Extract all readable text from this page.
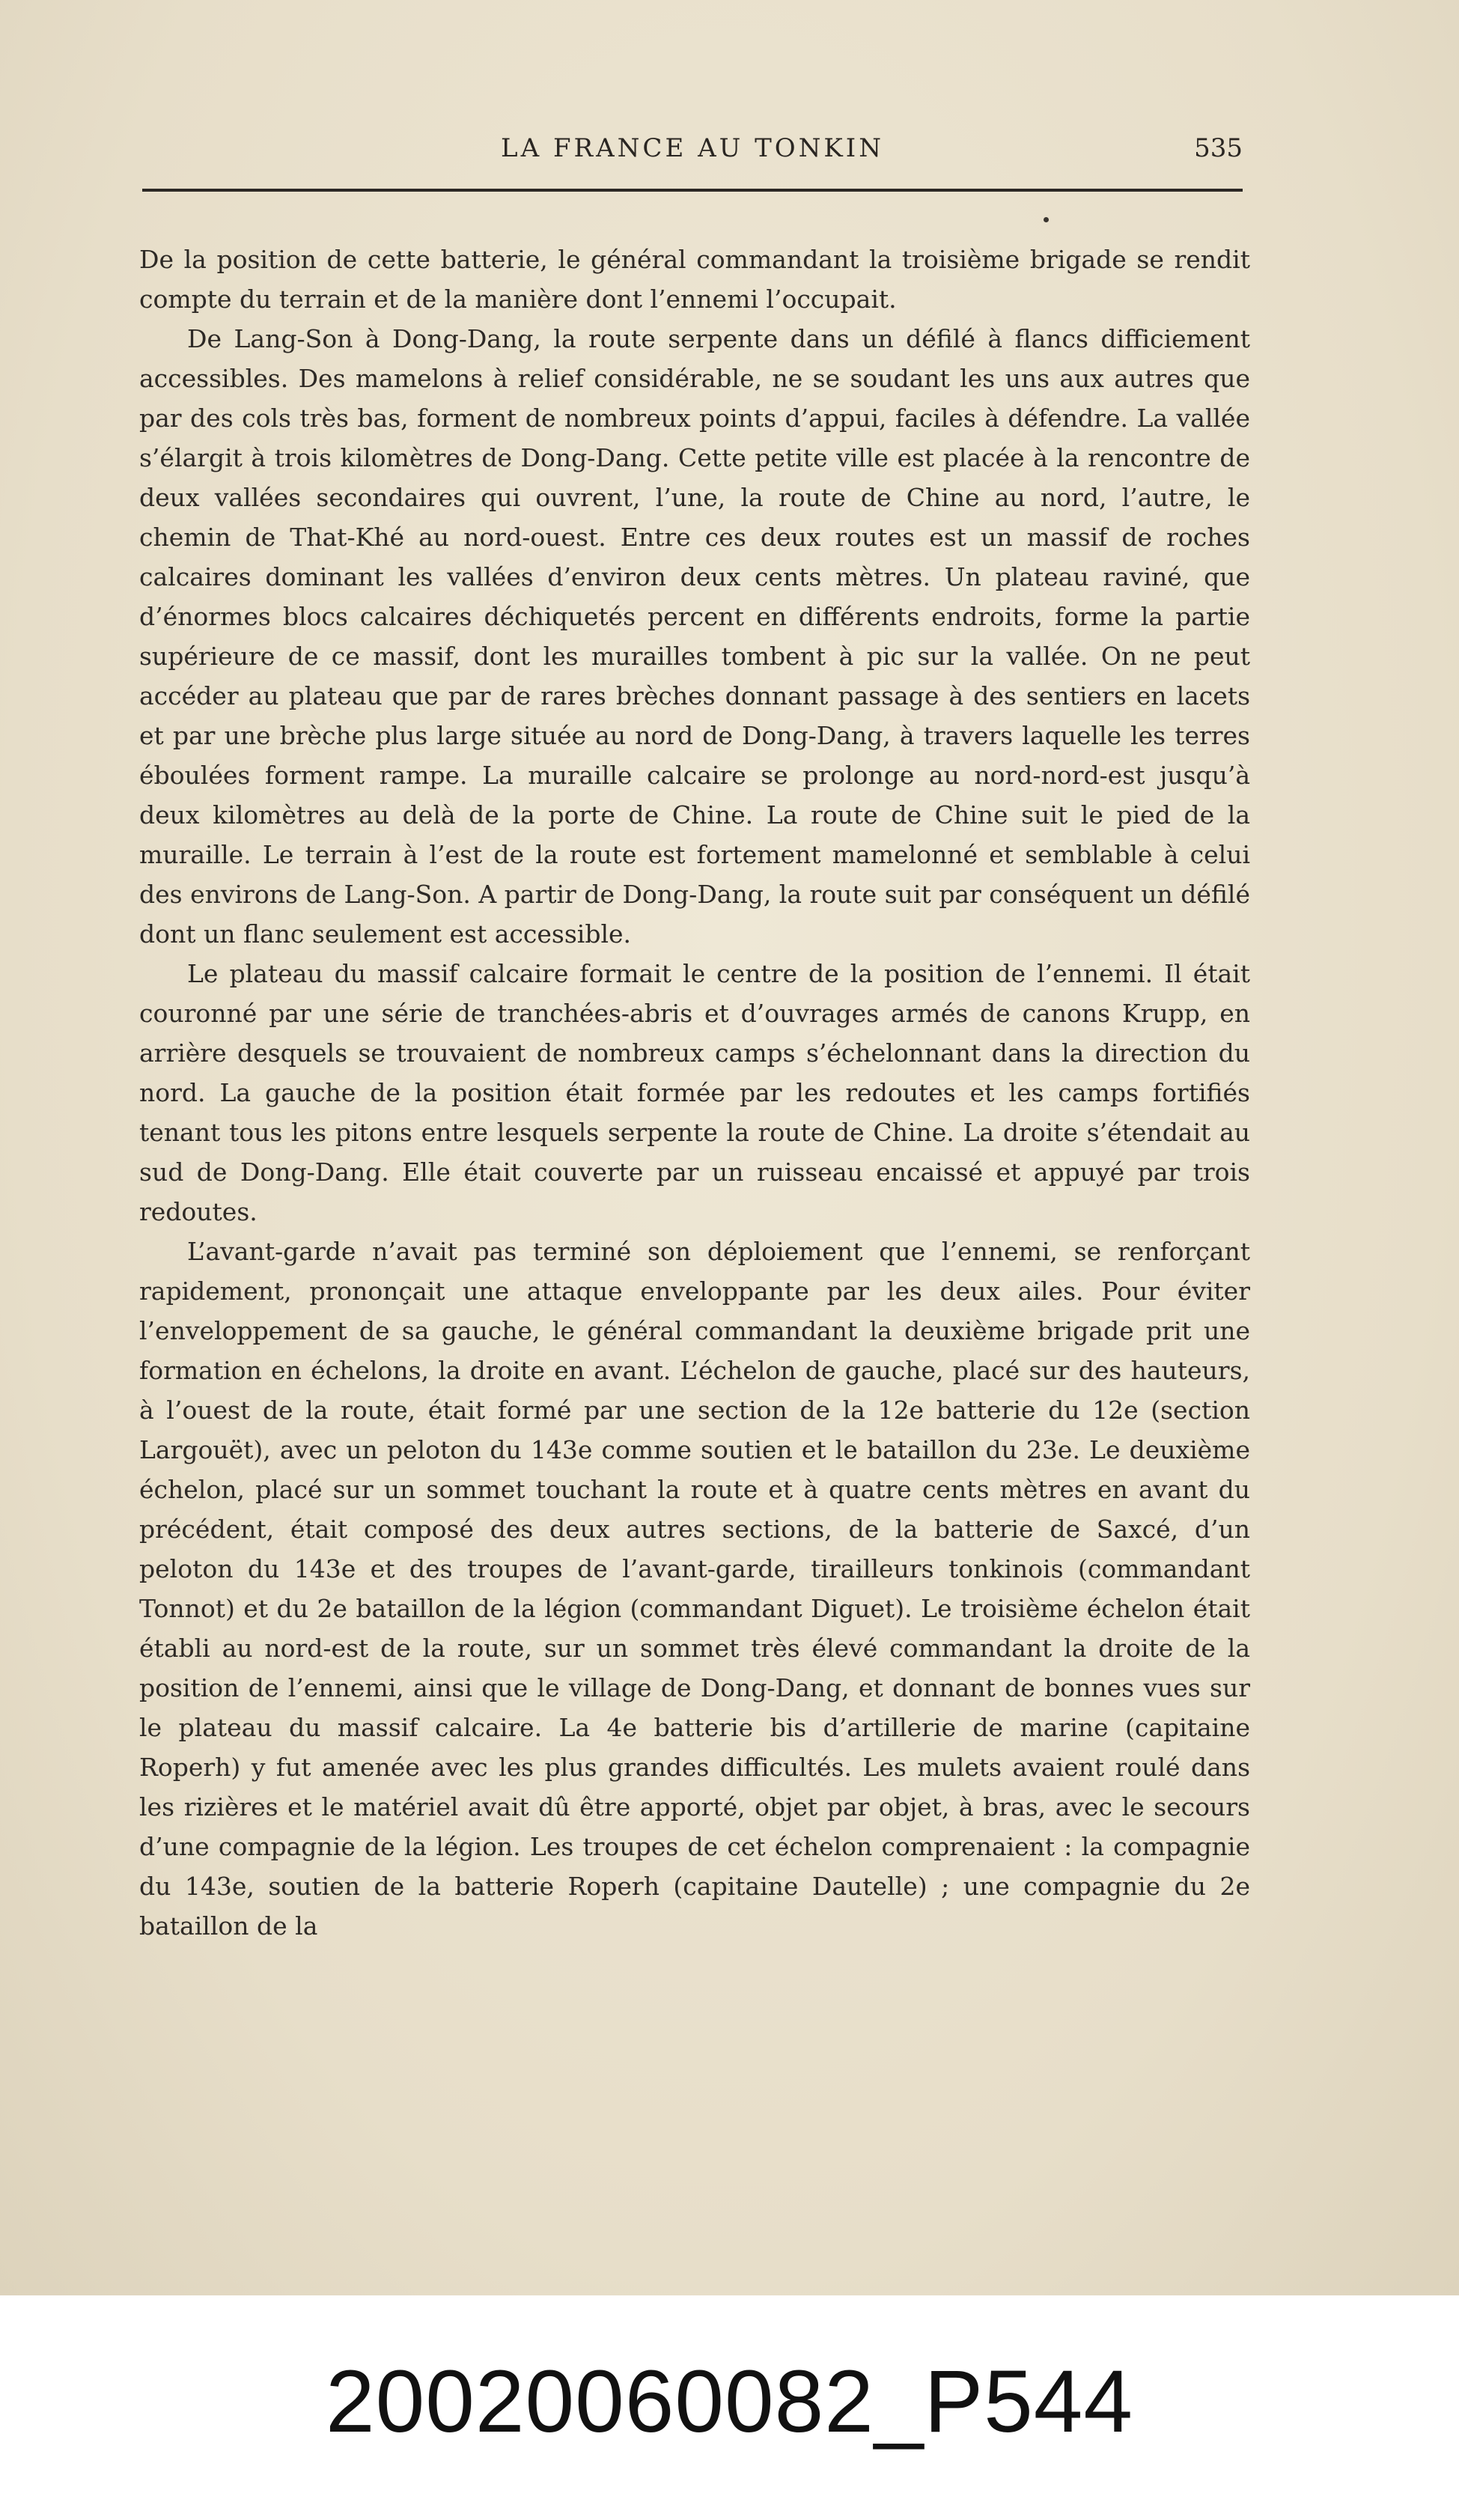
LA FRANCE AU TONKIN	535

De la position de cette batterie, le général commandant la troisième brigade se rendit compte du terrain et de la manière dont l’ennemi l’occupait.

De Lang-Son à Dong-Dang, la route serpente dans un défilé à flancs difficiement accessibles. Des mamelons à relief considérable, ne se soudant les uns aux autres que par des cols très bas, forment de nombreux points d’appui, faciles à défendre. La vallée s’élargit à trois kilomètres de Dong-Dang. Cette petite ville est placée à la rencontre de deux vallées secondaires qui ouvrent, l’une, la route de Chine au nord, l’autre, le chemin de That-Khé au nord-ouest. Entre ces deux routes est un massif de roches calcaires dominant les vallées d’environ deux cents mètres. Un plateau raviné, que d’énormes blocs calcaires déchiquetés percent en différents endroits, forme la partie supérieure de ce massif, dont les murailles tombent à pic sur la vallée. On ne peut accéder au plateau que par de rares brèches donnant passage à des sentiers en lacets et par une brèche plus large située au nord de Dong-Dang, à travers laquelle les terres éboulées forment rampe. La muraille calcaire se prolonge au nord-nord-est jusqu’à deux kilomètres au delà de la porte de Chine. La route de Chine suit le pied de la muraille. Le terrain à l’est de la route est fortement mamelonné et semblable à celui des environs de Lang-Son. A partir de Dong-Dang, la route suit par conséquent un défilé dont un flanc seulement est accessible.

Le plateau du massif calcaire formait le centre de la position de l’ennemi. Il était couronné par une série de tranchées-abris et d’ouvrages armés de canons Krupp, en arrière desquels se trouvaient de nombreux camps s’échelonnant dans la direction du nord. La gauche de la position était formée par les redoutes et les camps fortifiés tenant tous les pitons entre lesquels serpente la route de Chine. La droite s’étendait au sud de Dong-Dang. Elle était couverte par un ruisseau encaissé et appuyé par trois redoutes.

L’avant-garde n’avait pas terminé son déploiement que l’ennemi, se renforçant rapidement, prononçait une attaque enveloppante par les deux ailes. Pour éviter l’enveloppement de sa gauche, le général commandant la deuxième brigade prit une formation en échelons, la droite en avant. L’échelon de gauche, placé sur des hauteurs, à l’ouest de la route, était formé par une section de la 12e batterie du 12e (section Largouët), avec un peloton du 143e comme soutien et le bataillon du 23e. Le deuxième échelon, placé sur un sommet touchant la route et à quatre cents mètres en avant du précédent, était composé des deux autres sections, de la batterie de Saxcé, d’un peloton du 143e et des troupes de l’avant-garde, tirailleurs tonkinois (commandant Tonnot) et du 2e bataillon de la légion (commandant Diguet). Le troisième échelon était établi au nord-est de la route, sur un sommet très élevé commandant la droite de la position de l’ennemi, ainsi que le village de Dong-Dang, et donnant de bonnes vues sur le plateau du massif calcaire. La 4e batterie bis d’artillerie de marine (capitaine Roperh) y fut amenée avec les plus grandes difficultés. Les mulets avaient roulé dans les rizières et le matériel avait dû être apporté, objet par objet, à bras, avec le secours d’une compagnie de la légion. Les troupes de cet échelon comprenaient : la compagnie du 143e, soutien de la batterie Roperh (capitaine Dautelle) ; une compagnie du 2e bataillon de la

20020060082_P544
